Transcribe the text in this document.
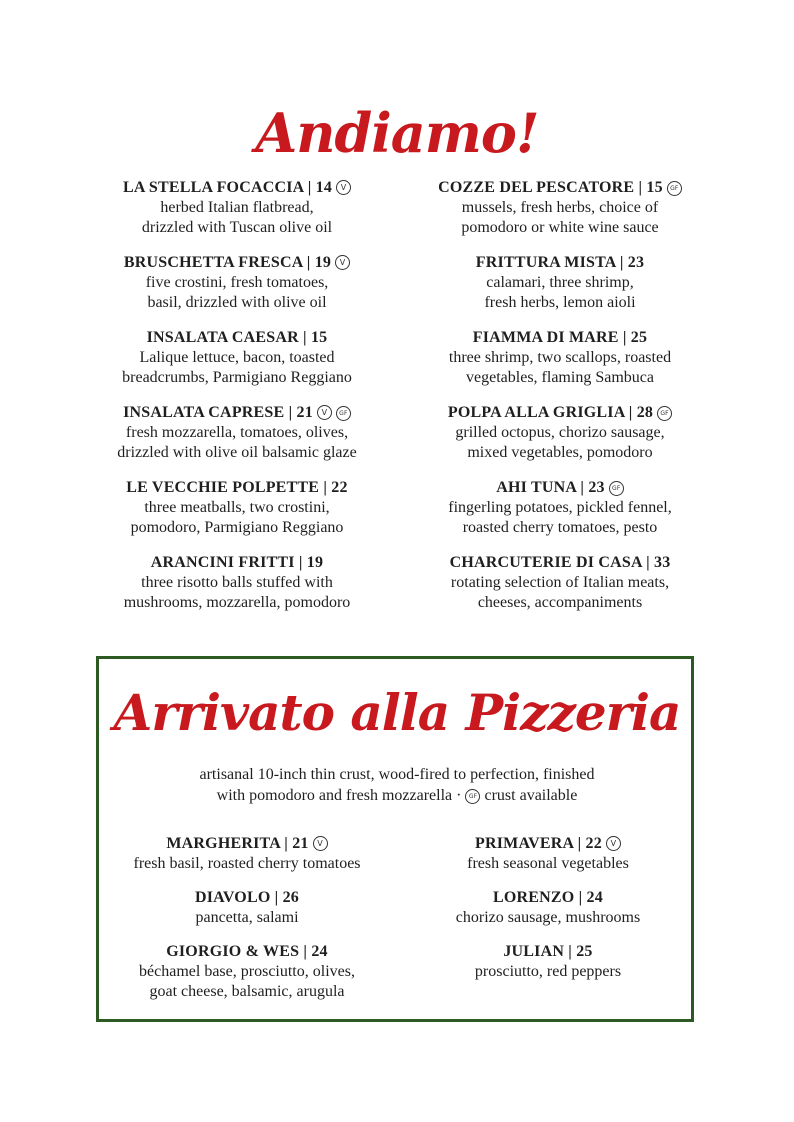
Andiamo!
LA STELLA FOCACCIA | 14 V
herbed Italian flatbread,
drizzled with Tuscan olive oil
BRUSCHETTA FRESCA | 19 V
five crostini, fresh tomatoes,
basil, drizzled with olive oil
INSALATA CAESAR | 15
Lalique lettuce, bacon, toasted
breadcrumbs, Parmigiano Reggiano
INSALATA CAPRESE | 21 V GF
fresh mozzarella, tomatoes, olives,
drizzled with olive oil balsamic glaze
LE VECCHIE POLPETTE | 22
three meatballs, two crostini,
pomodoro, Parmigiano Reggiano
ARANCINI FRITTI | 19
three risotto balls stuffed with
mushrooms, mozzarella, pomodoro
COZZE DEL PESCATORE | 15 GF
mussels, fresh herbs, choice of
pomodoro or white wine sauce
FRITTURA MISTA | 23
calamari, three shrimp,
fresh herbs, lemon aioli
FIAMMA DI MARE | 25
three shrimp, two scallops, roasted
vegetables, flaming Sambuca
POLPA ALLA GRIGLIA | 28 GF
grilled octopus, chorizo sausage,
mixed vegetables, pomodoro
AHI TUNA | 23 GF
fingerling potatoes, pickled fennel,
roasted cherry tomatoes, pesto
CHARCUTERIE DI CASA | 33
rotating selection of Italian meats,
cheeses, accompaniments
Arrivato alla Pizzeria
artisanal 10-inch thin crust, wood-fired to perfection, finished
with pomodoro and fresh mozzarella · GF crust available
MARGHERITA | 21 V
fresh basil, roasted cherry tomatoes
DIAVOLO | 26
pancetta, salami
GIORGIO & WES | 24
béchamel base, prosciutto, olives,
goat cheese, balsamic, arugula
PRIMAVERA | 22 V
fresh seasonal vegetables
LORENZO | 24
chorizo sausage, mushrooms
JULIAN | 25
prosciutto, red peppers
